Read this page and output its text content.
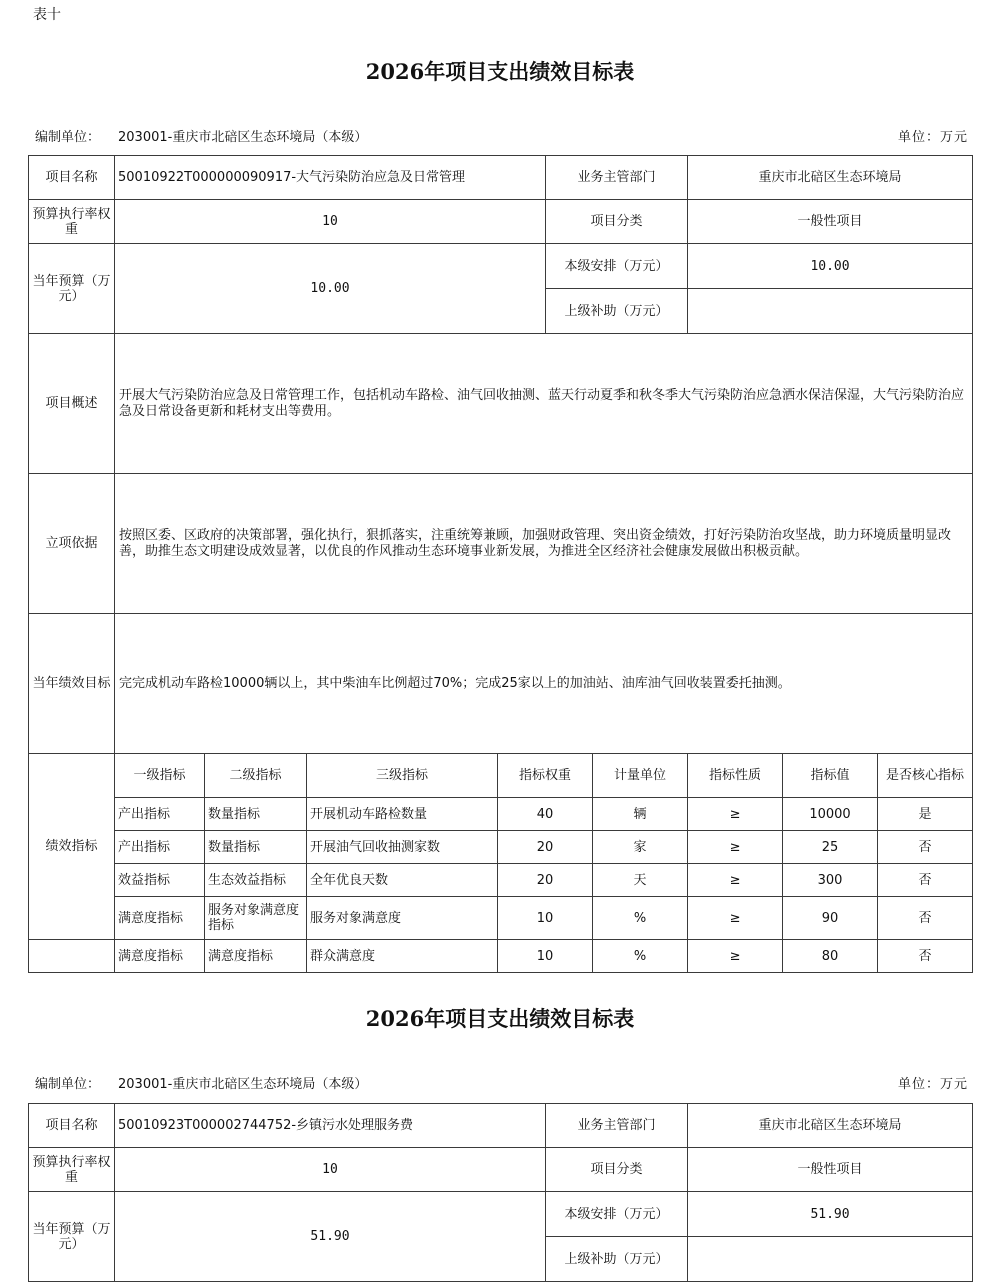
表十
2026年项目支出绩效目标表
编制单位： 203001-重庆市北碚区生态环境局（本级）	单位：万元
项目名称	50010922T000000090917-大气污染防治应急及日常管理				业务主管部门		重庆市北碚区生态环境局		
预算执行率权重	10				项目分类		一般性项目		
当年预算（万元）	10.00				本级安排（万元）		10.00		
					上级补助（万元）				
项目概述	开展大气污染防治应急及日常管理工作，包括机动车路检、油气回收抽测、蓝天行动夏季和秋冬季大气污染防治应急洒水保洁保湿，大气污染防治应急及日常设备更新和耗材支出等费用。								
立项依据	按照区委、区政府的决策部署，强化执行，狠抓落实，注重统筹兼顾，加强财政管理、突出资金绩效，打好污染防治攻坚战，助力环境质量明显改善，助推生态文明建设成效显著，以优良的作风推动生态环境事业新发展，为推进全区经济社会健康发展做出积极贡献。								
当年绩效目标	完完成机动车路检10000辆以上，其中柴油车比例超过70%；完成25家以上的加油站、油库油气回收装置委托抽测。								
绩效指标	一级指标	二级指标	三级指标	指标权重		计量单位	指标性质	指标值	是否核心指标
	产出指标	数量指标	开展机动车路检数量	40		辆	≥	10000	是
	产出指标	数量指标	开展油气回收抽测家数	20		家	≥	25	否
	效益指标	生态效益指标	全年优良天数	20		天	≥	300	否
	满意度指标	服务对象满意度指标	服务对象满意度	10		%	≥	90	否
	满意度指标	满意度指标	群众满意度	10		%	≥	80	否
2026年项目支出绩效目标表
编制单位： 203001-重庆市北碚区生态环境局（本级）	单位：万元
项目名称	50010923T000002744752-乡镇污水处理服务费	业务主管部门	重庆市北碚区生态环境局
预算执行率权重	10	项目分类	一般性项目
当年预算（万元）	51.90	本级安排（万元）	51.90
		上级补助（万元）	
